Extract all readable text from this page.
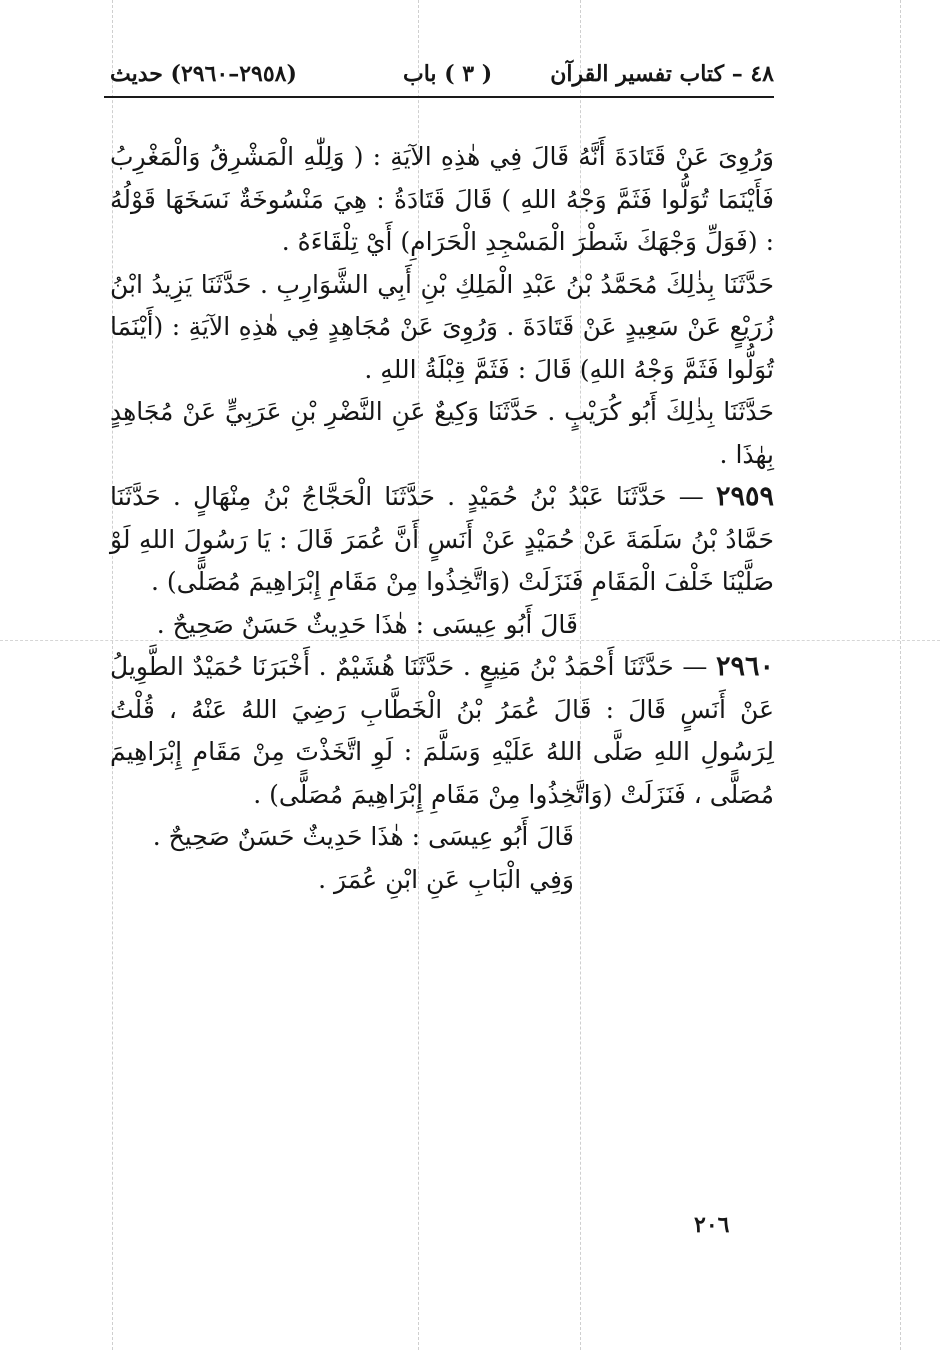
٤٨ – كتاب تفسير القرآن
( ٣ ) باب
(٢٩٥٨–٢٩٦٠) حديث

وَرُوِىَ عَنْ قَتَادَةَ أَنَّهُ قَالَ فِي هٰذِهِ الآيَةِ : ( وَلِلّٰهِ الْمَشْرِقُ وَالْمَغْرِبُ فَأَيْنَمَا تُوَلُّوا فَثَمَّ وَجْهُ اللهِ ) قَالَ قَتَادَةُ : هِيَ مَنْسُوخَةٌ نَسَخَهَا قَوْلُهُ : (فَوَلِّ وَجْهَكَ شَطْرَ الْمَسْجِدِ الْحَرَامِ) أَيْ تِلْقَاءَهُ .

حَدَّثَنَا بِذٰلِكَ مُحَمَّدُ بْنُ عَبْدِ الْمَلِكِ بْنِ أَبِي الشَّوَارِبِ . حَدَّثَنَا يَزِيدُ ابْنُ زُرَيْعٍ عَنْ سَعِيدٍ عَنْ قَتَادَةَ . وَرُوِىَ عَنْ مُجَاهِدٍ فِي هٰذِهِ الآيَةِ : (أَيْنَمَا تُوَلُّوا فَثَمَّ وَجْهُ اللهِ) قَالَ : فَثَمَّ قِبْلَةُ اللهِ .

حَدَّثَنَا بِذٰلِكَ أَبُو كُرَيْبٍ . حَدَّثَنَا وَكِيعٌ عَنِ النَّضْرِ بْنِ عَرَبِيٍّ عَنْ مُجَاهِدٍ بِهٰذَا .

٢٩٥٩ — حَدَّثَنَا عَبْدُ بْنُ حُمَيْدٍ . حَدَّثَنَا الْحَجَّاجُ بْنُ مِنْهَالٍ . حَدَّثَنَا حَمَّادُ بْنُ سَلَمَةَ عَنْ حُمَيْدٍ عَنْ أَنَسٍ أَنَّ عُمَرَ قَالَ : يَا رَسُولَ اللهِ لَوْ صَلَّيْنَا خَلْفَ الْمَقَامِ فَنَزَلَتْ (وَاتَّخِذُوا مِنْ مَقَامِ إِبْرَاهِيمَ مُصَلًّى) .

قَالَ أَبُو عِيسَى : هٰذَا حَدِيثٌ حَسَنٌ صَحِيحٌ .

٢٩٦٠ — حَدَّثَنَا أَحْمَدُ بْنُ مَنِيعٍ . حَدَّثَنَا هُشَيْمٌ . أَخْبَرَنَا حُمَيْدٌ الطَّوِيلُ عَنْ أَنَسٍ قَالَ : قَالَ عُمَرُ بْنُ الْخَطَّابِ رَضِيَ اللهُ عَنْهُ ، قُلْتُ لِرَسُولِ اللهِ صَلَّى اللهُ عَلَيْهِ وَسَلَّمَ : لَوِ اتَّخَذْتَ مِنْ مَقَامِ إِبْرَاهِيمَ مُصَلًّى ، فَنَزَلَتْ (وَاتَّخِذُوا مِنْ مَقَامِ إِبْرَاهِيمَ مُصَلًّى) .

قَالَ أَبُو عِيسَى : هٰذَا حَدِيثٌ حَسَنٌ صَحِيحٌ .

وَفِي الْبَابِ عَنِ ابْنِ عُمَرَ .

٢٠٦
